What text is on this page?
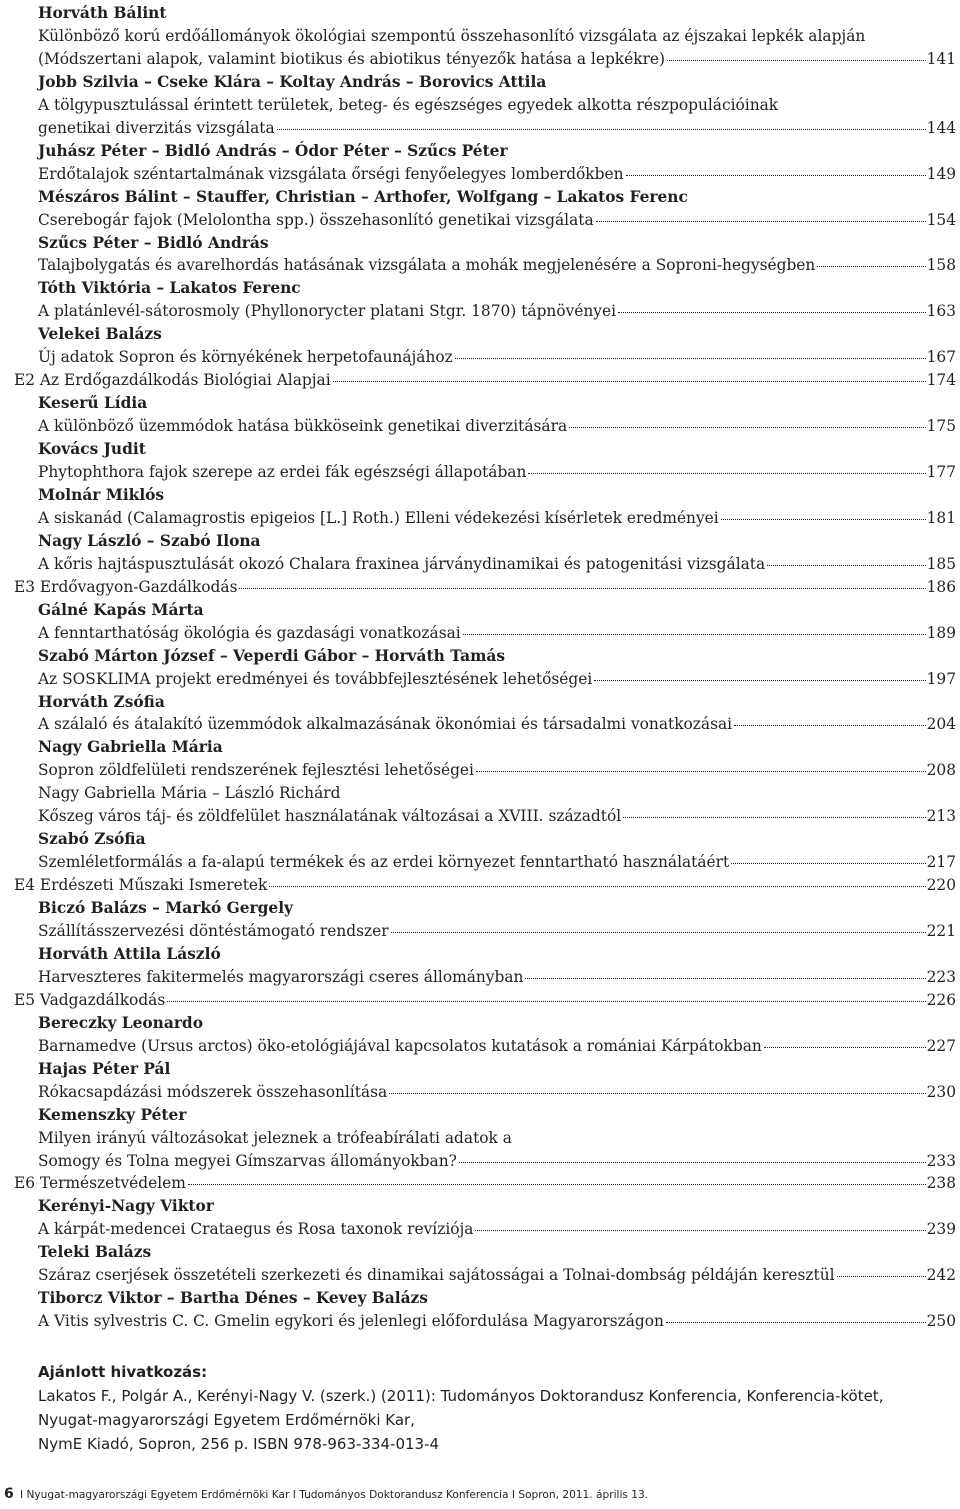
Horváth Bálint
Különböző korú erdőállományok ökológiai szempontú összehasonlító vizsgálata az éjszakai lepkék alapján
(Módszertani alapok, valamint biotikus és abiotikus tényezők hatása a lepkékre)	141
Jobb Szilvia – Cseke Klára – Koltay András – Borovics Attila
A tölgypusztulással érintett területek, beteg- és egészséges egyedek alkotta részpopulációinak
genetikai diverzitás vizsgálata	144
Juhász Péter – Bidló András – Ódor Péter – Szűcs Péter
Erdőtalajok széntartalmának vizsgálata őrségi fenyőelegyes lomberdőkben	149
Mészáros Bálint – Stauffer, Christian – Arthofer, Wolfgang – Lakatos Ferenc
Cserebogár fajok (Melolontha spp.) összehasonlító genetikai vizsgálata	154
Szűcs Péter – Bidló András
Talajbolygatás és avarelhordás hatásának vizsgálata a mohák megjelenésére a Soproni-hegységben	158
Tóth Viktória – Lakatos Ferenc
A platánlevél-sátorosmoly (Phyllonorycter platani Stgr. 1870) tápnövényei	163
Velekei Balázs
Új adatok Sopron és környékének herpetofaunájához	167
E2 Az Erdőgazdálkodás Biológiai Alapjai	174
Keserű Lídia
A különböző üzemmódok hatása bükköseink genetikai diverzitására	175
Kovács Judit
Phytophthora fajok szerepe az erdei fák egészségi állapotában	177
Molnár Miklós
A siskanád (Calamagrostis epigeios [L.] Roth.) Elleni védekezési kísérletek eredményei	181
Nagy László – Szabó Ilona
A kőris hajtáspusztulását okozó Chalara fraxinea járványdinamikai és patogenitási vizsgálata	185
E3 Erdővagyon-Gazdálkodás	186
Gálné Kapás Márta
A fenntarthatóság ökológia és gazdasági vonatkozásai	189
Szabó Márton József – Veperdi Gábor – Horváth Tamás
Az SOSKLIMA projekt eredményei és továbbfejlesztésének lehetőségei	197
Horváth Zsófia
A szálaló és átalakító üzemmódok alkalmazásának ökonómiai és társadalmi vonatkozásai	204
Nagy Gabriella Mária
Sopron zöldfelületi rendszerének fejlesztési lehetőségei	208
Nagy Gabriella Mária – László Richárd
Kőszeg város táj- és zöldfelület használatának változásai a XVIII. századtól	213
Szabó Zsófia
Szemléletformálás a fa-alapú termékek és az erdei környezet fenntartható használatáért	217
E4 Erdészeti Műszaki Ismeretek	220
Biczó Balázs – Markó Gergely
Szállításszervezési döntéstámogató rendszer	221
Horváth Attila László
Harveszteres fakitermelés magyarországi cseres állományban	223
E5 Vadgazdálkodás	226
Bereczky Leonardo
Barnamedve (Ursus arctos) öko-etológiájával kapcsolatos kutatások a romániai Kárpátokban	227
Hajas Péter Pál
Rókacsapdázási módszerek összehasonlítása	230
Kemenszky Péter
Milyen irányú változásokat jeleznek a trófeabírálati adatok a
Somogy és Tolna megyei Gímszarvas állományokban?	233
E6 Természetvédelem	238
Kerényi-Nagy Viktor
A kárpát-medencei Crataegus és Rosa taxonok revíziója	239
Teleki Balázs
Száraz cserjések összetételi szerkezeti és dinamikai sajátosságai a Tolnai-dombság példáján keresztül	242
Tiborcz Viktor – Bartha Dénes – Kevey Balázs
A Vitis sylvestris C. C. Gmelin egykori és jelenlegi előfordulása Magyarországon	250
Ajánlott hivatkozás:
Lakatos F., Polgár A., Kerényi-Nagy V. (szerk.) (2011): Tudományos Doktorandusz Konferencia, Konferencia-kötet,
Nyugat-magyarországi Egyetem Erdőmérnöki Kar,
NymE Kiadó, Sopron, 256 p. ISBN 978-963-334-013-4
6 I Nyugat-magyarországi Egyetem Erdőmérnöki Kar I Tudományos Doktorandusz Konferencia I Sopron, 2011. április 13.
